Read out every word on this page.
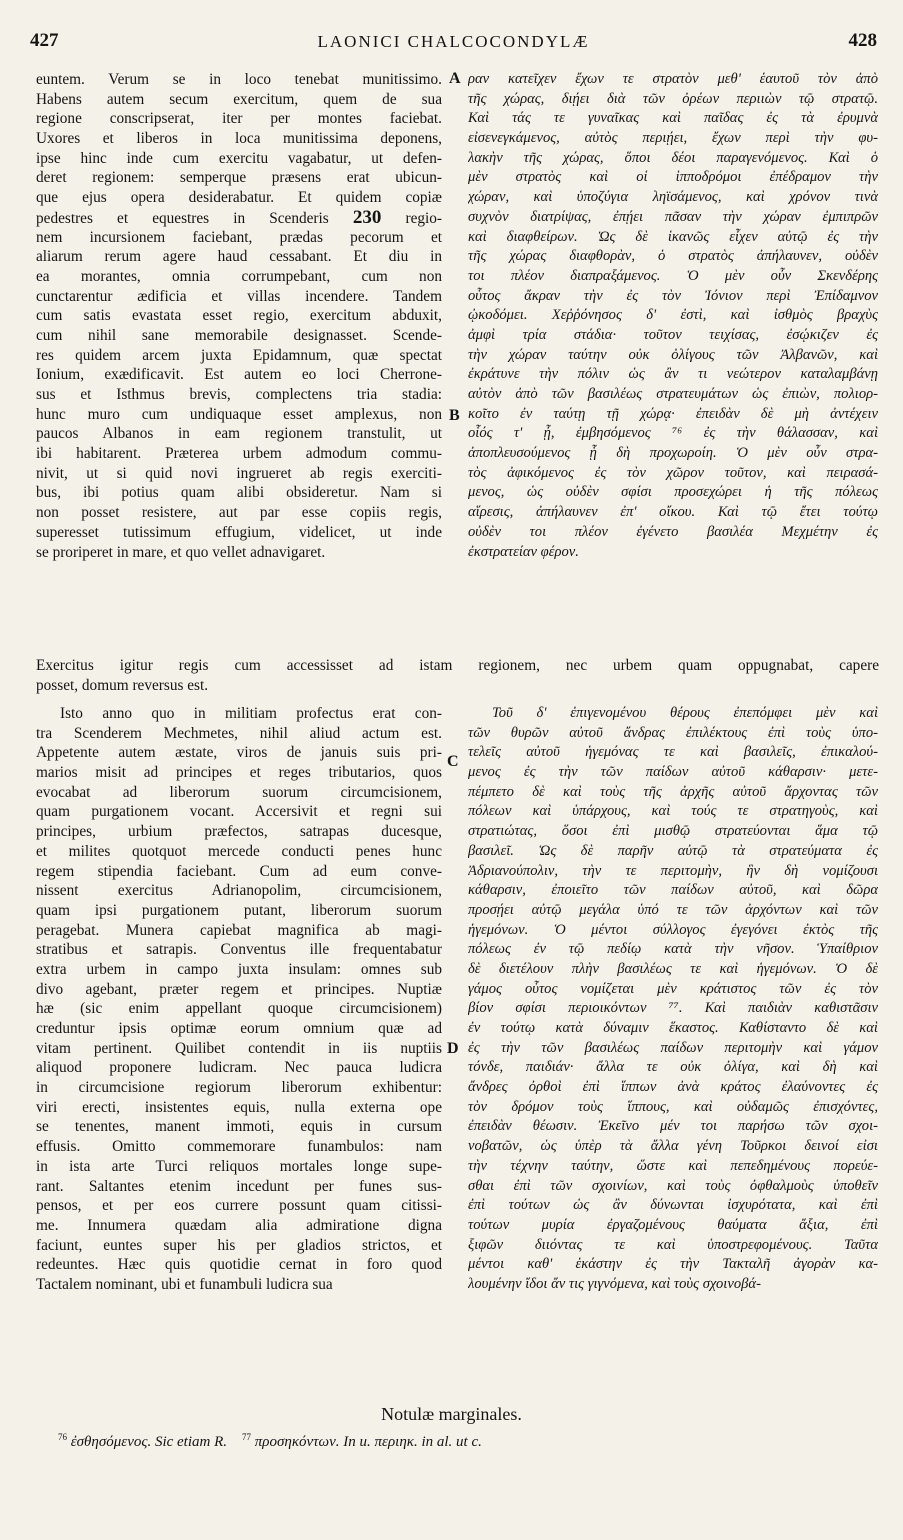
427	LAONICI CHALCOCONDYLÆ	428
euntem. Verum se in loco tenebat munitissimo.
Habens autem secum exercitum, quem de sua
regione conscripserat, iter per montes faciebat.
Uxores et liberos in loca munitissima deponens,
ipse hinc inde cum exercitu vagabatur, ut defen-
deret regionem: semperque præsens erat ubicun-
que ejus opera desiderabatur. Et quidem copiæ
pedestres et equestres in Scenderis 230 regio-
nem incursionem faciebant, prædas pecorum et
aliarum rerum agere haud cessabant. Et diu in
ea morantes, omnia corrumpebant, cum non
cunctarentur ædificia et villas incendere. Tandem
cum satis evastata esset regio, exercitum abduxit,
cum nihil sane memorabile designasset. Scende-
res quidem arcem juxta Epidamnum, quæ spectat
Ionium, exædificavit. Est autem eo loci Cherrone-
sus et Isthmus brevis, complectens tria stadia:
hunc muro cum undiquaque esset amplexus, non
paucos Albanos in eam regionem transtulit, ut
ibi habitarent. Præterea urbem admodum commu-
nivit, ut si quid novi ingrueret ab regis exerciti-
bus, ibi potius quam alibi obsideretur. Nam si
non posset resistere, aut par esse copiis regis,
superesset tutissimum effugium, videlicet, ut inde
se proriperet in mare, et quo vellet adnavigaret.
ραν κατεῖχεν ἔχων τε στρατὸν μεθ' ἑαυτοῦ τὸν ἀπὸ
τῆς χώρας, διῄει διὰ τῶν ὀρέων περιιὼν τῷ στρατῷ.
Καὶ τάς τε γυναῖκας καὶ παῖδας ἐς τὰ ἐρυμνὰ
εἰσενεγκάμενος, αὐτὸς περιῄει, ἔχων περὶ τὴν φυ-
λακὴν τῆς χώρας, ὅποι δέοι παραγενόμενος. Καὶ ὁ
μὲν στρατὸς καὶ οἱ ἱπποδρόμοι ἐπέδραμον τὴν
χώραν, καὶ ὑποζύγια ληϊσάμενος, καὶ χρόνον τινὰ
συχνὸν διατρίψας, ἐπῄει πᾶσαν τὴν χώραν ἐμπιπρῶν
καὶ διαφθείρων. Ὡς δὲ ἱκανῶς εἶχεν αὐτῷ ἐς τὴν
τῆς χώρας διαφθορὰν, ὁ στρατὸς ἀπήλαυνεν, οὐδὲν
τοι πλέον διαπραξάμενος. Ὁ μὲν οὖν Σκενδέρης
οὗτος ἄκραν τὴν ἐς τὸν Ἰόνιον περὶ Ἐπίδαμνον
ᾠκοδόμει. Χεῤῥόνησος δ' ἐστὶ, καὶ ἰσθμὸς βραχὺς
ἀμφὶ τρία στάδια· τοῦτον τειχίσας, ἐσῴκιζεν ἐς
τὴν χώραν ταύτην οὐκ ὀλίγους τῶν Ἀλβανῶν, καὶ
ἐκράτυνε τὴν πόλιν ὡς ἂν τι νεώτερον καταλαμβάνῃ
αὐτὸν ἀπὸ τῶν βασιλέως στρατευμάτων ὡς ἐπιὼν, πολιορ-
κοῖτο ἐν ταύτῃ τῇ χώρᾳ· ἐπειδὰν δὲ μὴ ἀντέχειν
οἷός τ' ᾖ, ἐμβησόμενος ⁷⁶ ἐς τὴν θάλασσαν, καὶ
ἀποπλευσούμενος ᾗ δὴ προχωροίη. Ὁ μὲν οὖν στρα-
τὸς ἀφικόμενος ἐς τὸν χῶρον τοῦτον, καὶ πειρασά-
μενος, ὡς οὐδὲν σφίσι προσεχώρει ἡ τῆς πόλεως
αἵρεσις, ἀπήλαυνεν ἐπ' οἴκου. Καὶ τῷ ἔτει τούτῳ
οὐδὲν τοι πλέον ἐγένετο βασιλέα Μεχμέτην ἐς
ἐκστρατείαν φέρον.
Exercitus igitur regis cum accessisset ad istam regionem, nec urbem quam oppugnabat, capere
posset, domum reversus est.
Isto anno quo in militiam profectus erat con-
tra Scenderem Mechmetes, nihil aliud actum est.
Appetente autem æstate, viros de januis suis pri-
marios misit ad principes et reges tributarios, quos
evocabat ad liberorum suorum circumcisionem,
quam purgationem vocant. Accersivit et regni sui
principes, urbium præfectos, satrapas ducesque,
et milites quotquot mercede conducti penes hunc
regem stipendia faciebant. Cum ad eum conve-
nissent exercitus Adrianopolim, circumcisionem,
quam ipsi purgationem putant, liberorum suorum
peragebat. Munera capiebat magnifica ab magi-
stratibus et satrapis. Conventus ille frequentabatur
extra urbem in campo juxta insulam: omnes sub
divo agebant, præter regem et principes. Nuptiæ
hæ (sic enim appellant quoque circumcisionem)
creduntur ipsis optimæ eorum omnium quæ ad
vitam pertinent. Quilibet contendit in iis nuptiis
aliquod proponere ludicram. Nec pauca ludicra
in circumcisione regiorum liberorum exhibentur:
viri erecti, insistentes equis, nulla externa ope
se tenentes, manent immoti, equis in cursum
effusis. Omitto commemorare funambulos: nam
in ista arte Turci reliquos mortales longe supe-
rant. Saltantes etenim incedunt per funes sus-
pensos, et per eos currere possunt quam citissi-
me. Innumera quædam alia admiratione digna
faciunt, euntes super his per gladios strictos, et
redeuntes. Hæc quis quotidie cernat in foro quod
Tactalem nominant, ubi et funambuli ludicra sua
Τοῦ δ' ἐπιγενομένου θέρους ἐπεπόμφει μὲν καὶ
τῶν θυρῶν αὐτοῦ ἄνδρας ἐπιλέκτους ἐπὶ τοὺς ὑπο-
τελεῖς αὐτοῦ ἡγεμόνας τε καὶ βασιλεῖς, ἐπικαλού-
μενος ἐς τὴν τῶν παίδων αὐτοῦ κάθαρσιν· μετε-
πέμπετο δὲ καὶ τοὺς τῆς ἀρχῆς αὐτοῦ ἄρχοντας τῶν
πόλεων καὶ ὑπάρχους, καὶ τούς τε στρατηγοὺς, καὶ
στρατιώτας, ὅσοι ἐπὶ μισθῷ στρατεύονται ἅμα τῷ
βασιλεῖ. Ὡς δὲ παρῆν αὐτῷ τὰ στρατεύματα ἐς
Ἀδριανούπολιν, τὴν τε περιτομὴν, ἣν δὴ νομίζουσι
κάθαρσιν, ἐποιεῖτο τῶν παίδων αὐτοῦ, καὶ δῶρα
προσῄει αὐτῷ μεγάλα ὑπό τε τῶν ἀρχόντων καὶ τῶν
ἡγεμόνων. Ὁ μέντοι σύλλογος ἐγεγόνει ἐκτὸς τῆς
πόλεως ἐν τῷ πεδίῳ κατὰ τὴν νῆσον. Ὑπαίθριον
δὲ διετέλουν πλὴν βασιλέως τε καὶ ἡγεμόνων. Ὁ δὲ
γάμος οὗτος νομίζεται μὲν κράτιστος τῶν ἐς τὸν
βίον σφίσι περιοικόντων ⁷⁷. Καὶ παιδιὰν καθιστᾶσιν
ἐν τούτῳ κατὰ δύναμιν ἕκαστος. Καθίσταντο δὲ καὶ
ἐς τὴν τῶν βασιλέως παίδων περιτομὴν καὶ γάμον
τόνδε, παιδιάν· ἄλλα τε οὐκ ὀλίγα, καὶ δὴ καὶ
ἄνδρες ὀρθοὶ ἐπὶ ἵππων ἀνὰ κράτος ἐλαύνοντες ἐς
τὸν δρόμον τοὺς ἵππους, καὶ οὐδαμῶς ἐπισχόντες,
ἐπειδὰν θέωσιν. Ἐκεῖνο μέν τοι παρήσω τῶν σχοι-
νοβατῶν, ὡς ὑπὲρ τὰ ἄλλα γένη Τοῦρκοι δεινοί εἰσι
τὴν τέχνην ταύτην, ὥστε καὶ πεπεδημένους πορεύε-
σθαι ἐπὶ τῶν σχοινίων, καὶ τοὺς ὀφθαλμοὺς ὑποθεῖν
ἐπὶ τούτων ὡς ἂν δύνωνται ἰσχυρότατα, καὶ ἐπὶ
τούτων μυρία ἐργαζομένους θαύματα ἄξια, ἐπὶ
ξιφῶν διιόντας τε καὶ ὑποστρεφομένους. Ταῦτα
μέντοι καθ' ἑκάστην ἐς τὴν Τακταλῆ ἀγορὰν κα-
λουμένην ἴδοι ἄν τις γιγνόμενα, καὶ τοὺς σχοινοβά-
A
B
C
D
Notulæ marginales.
$^{76}$ ἐσθησόμενος. Sic etiam R. $^{77}$ προσηκόντων. In u. περιηκ. in al. ut c.
